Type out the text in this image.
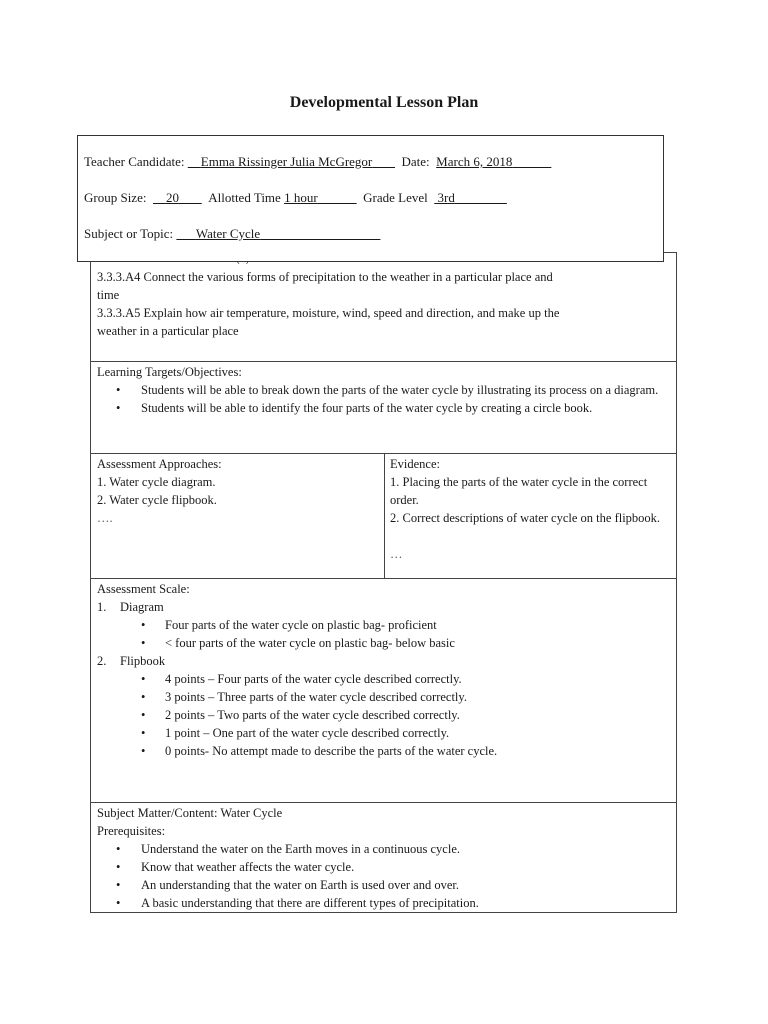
Developmental Lesson Plan
3.3.3.A4 Connect the various forms of precipitation to the weather in a particular place and
time
3.3.3.A5 Explain how air temperature, moisture, wind, speed and direction, and make up the
weather in a particular place
Learning Targets/Objectives:
• Students will be able to break down the parts of the water cycle by illustrating its process on a diagram.
• Students will be able to identify the four parts of the water cycle by creating a circle book.
Assessment Approaches:
1. Water cycle diagram.
2. Water cycle flipbook.
….
Evidence:
1. Placing the parts of the water cycle in the correct order.
2. Correct descriptions of water cycle on the flipbook.
…
Assessment Scale:
1.	Diagram
• Four parts of the water cycle on plastic bag- proficient
• < four parts of the water cycle on plastic bag- below basic
2.	Flipbook
• 4 points – Four parts of the water cycle described correctly.
• 3 points – Three parts of the water cycle described correctly.
• 2 points – Two parts of the water cycle described correctly.
• 1 point – One part of the water cycle described correctly.
• 0 points- No attempt made to describe the parts of the water cycle.
Subject Matter/Content: Water Cycle
Prerequisites:
• Understand the water on the Earth moves in a continuous cycle.
• Know that weather affects the water cycle.
• An understanding that the water on Earth is used over and over.
• A basic understanding that there are different types of precipitation.
Teacher Candidate: Emma Rissinger Julia McGregor Date: March 6, 2018
Group Size: 20 Allotted Time 1 hour	Grade Level 3rd
Subject or Topic: Water Cycle
